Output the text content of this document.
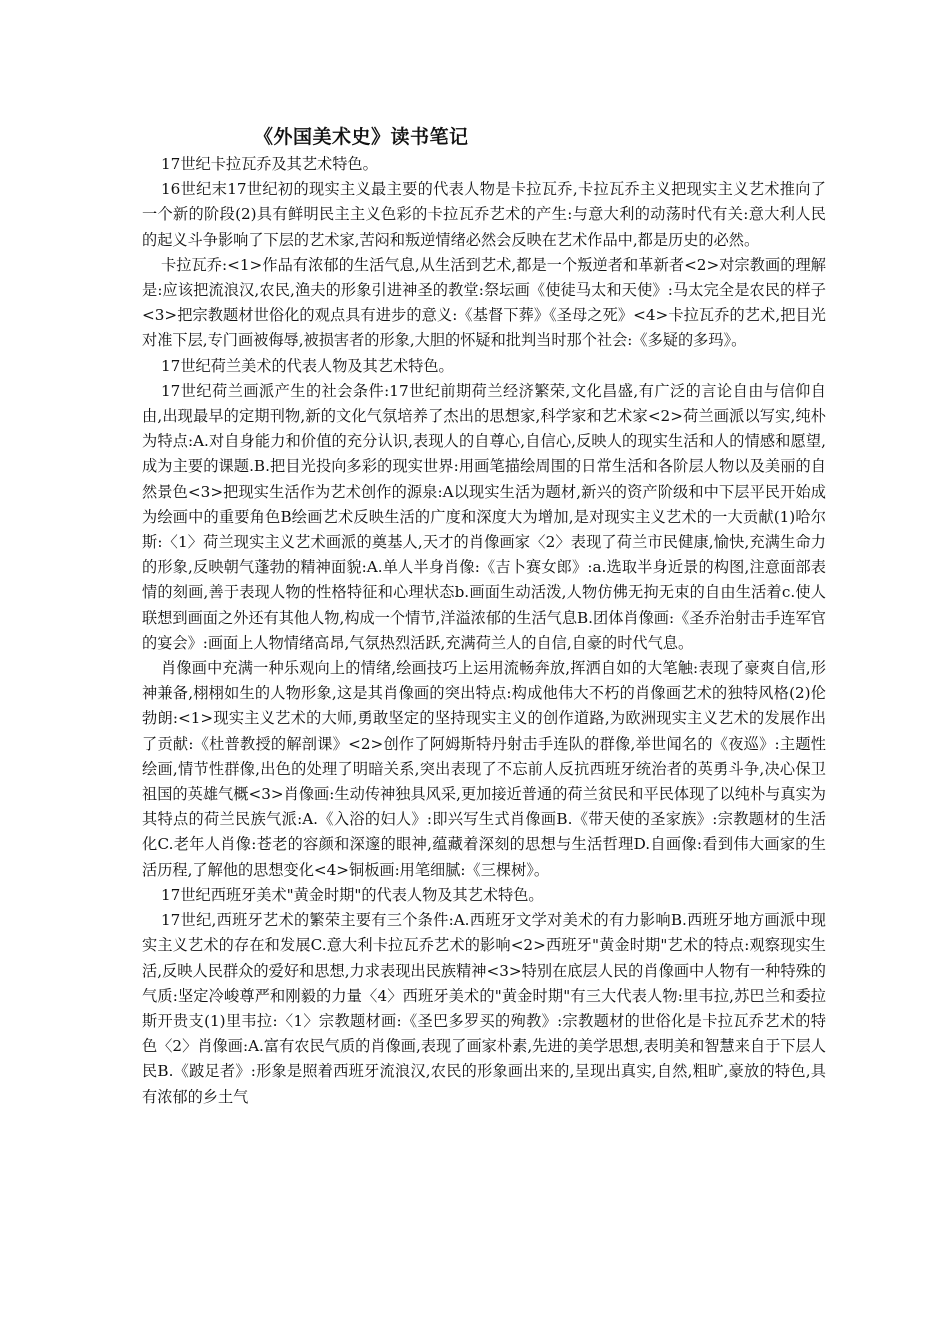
《外国美术史》读书笔记

17世纪卡拉瓦乔及其艺术特色。

16世纪末17世纪初的现实主义最主要的代表人物是卡拉瓦乔,卡拉瓦乔主义把现实主义艺术推向了一个新的阶段(2)具有鲜明民主主义色彩的卡拉瓦乔艺术的产生:与意大利的动荡时代有关:意大利人民的起义斗争影响了下层的艺术家,苦闷和叛逆情绪必然会反映在艺术作品中,都是历史的必然。

卡拉瓦乔:<1>作品有浓郁的生活气息,从生活到艺术,都是一个叛逆者和革新者<2>对宗教画的理解是:应该把流浪汉,农民,渔夫的形象引进神圣的教堂:祭坛画《使徒马太和天使》:马太完全是农民的样子<3>把宗教题材世俗化的观点具有进步的意义:《基督下葬》《圣母之死》<4>卡拉瓦乔的艺术,把目光对准下层,专门画被侮辱,被损害者的形象,大胆的怀疑和批判当时那个社会:《多疑的多玛》。

17世纪荷兰美术的代表人物及其艺术特色。

17世纪荷兰画派产生的社会条件:17世纪前期荷兰经济繁荣,文化昌盛,有广泛的言论自由与信仰自由,出现最早的定期刊物,新的文化气氛培养了杰出的思想家,科学家和艺术家<2>荷兰画派以写实,纯朴为特点:A.对自身能力和价值的充分认识,表现人的自尊心,自信心,反映人的现实生活和人的情感和愿望,成为主要的课题.B.把目光投向多彩的现实世界:用画笔描绘周围的日常生活和各阶层人物以及美丽的自然景色<3>把现实生活作为艺术创作的源泉:A以现实生活为题材,新兴的资产阶级和中下层平民开始成为绘画中的重要角色B绘画艺术反映生活的广度和深度大为增加,是对现实主义艺术的一大贡献(1)哈尔斯:〈1〉荷兰现实主义艺术画派的奠基人,天才的肖像画家〈2〉表现了荷兰市民健康,愉快,充满生命力的形象,反映朝气蓬勃的精神面貌:A.单人半身肖像:《吉卜赛女郎》:a.选取半身近景的构图,注意面部表情的刻画,善于表现人物的性格特征和心理状态b.画面生动活泼,人物仿佛无拘无束的自由生活着c.使人联想到画面之外还有其他人物,构成一个情节,洋溢浓郁的生活气息B.团体肖像画:《圣乔治射击手连军官的宴会》:画面上人物情绪高昂,气氛热烈活跃,充满荷兰人的自信,自豪的时代气息。

肖像画中充满一种乐观向上的情绪,绘画技巧上运用流畅奔放,挥洒自如的大笔触:表现了豪爽自信,形神兼备,栩栩如生的人物形象,这是其肖像画的突出特点:构成他伟大不朽的肖像画艺术的独特风格(2)伦勃朗:<1>现实主义艺术的大师,勇敢坚定的坚持现实主义的创作道路,为欧洲现实主义艺术的发展作出了贡献:《杜普教授的解剖课》<2>创作了阿姆斯特丹射击手连队的群像,举世闻名的《夜巡》:主题性绘画,情节性群像,出色的处理了明暗关系,突出表现了不忘前人反抗西班牙统治者的英勇斗争,决心保卫祖国的英雄气概<3>肖像画:生动传神独具风采,更加接近普通的荷兰贫民和平民体现了以纯朴与真实为其特点的荷兰民族气派:A.《入浴的妇人》:即兴写生式肖像画B.《带天使的圣家族》:宗教题材的生活化C.老年人肖像:苍老的容颜和深邃的眼神,蕴藏着深刻的思想与生活哲理D.自画像:看到伟大画家的生活历程,了解他的思想变化<4>铜板画:用笔细腻:《三棵树》。

17世纪西班牙美术"黄金时期"的代表人物及其艺术特色。

17世纪,西班牙艺术的繁荣主要有三个条件:A.西班牙文学对美术的有力影响B.西班牙地方画派中现实主义艺术的存在和发展C.意大利卡拉瓦乔艺术的影响<2>西班牙"黄金时期"艺术的特点:观察现实生活,反映人民群众的爱好和思想,力求表现出民族精神<3>特别在底层人民的肖像画中人物有一种特殊的气质:坚定冷峻尊严和刚毅的力量〈4〉西班牙美术的"黄金时期"有三大代表人物:里韦拉,苏巴兰和委拉斯开贵支(1)里韦拉:〈1〉宗教题材画:《圣巴多罗买的殉教》:宗教题材的世俗化是卡拉瓦乔艺术的特色〈2〉肖像画:A.富有农民气质的肖像画,表现了画家朴素,先进的美学思想,表明美和智慧来自于下层人民B.《跛足者》:形象是照着西班牙流浪汉,农民的形象画出来的,呈现出真实,自然,粗旷,豪放的特色,具有浓郁的乡土气
